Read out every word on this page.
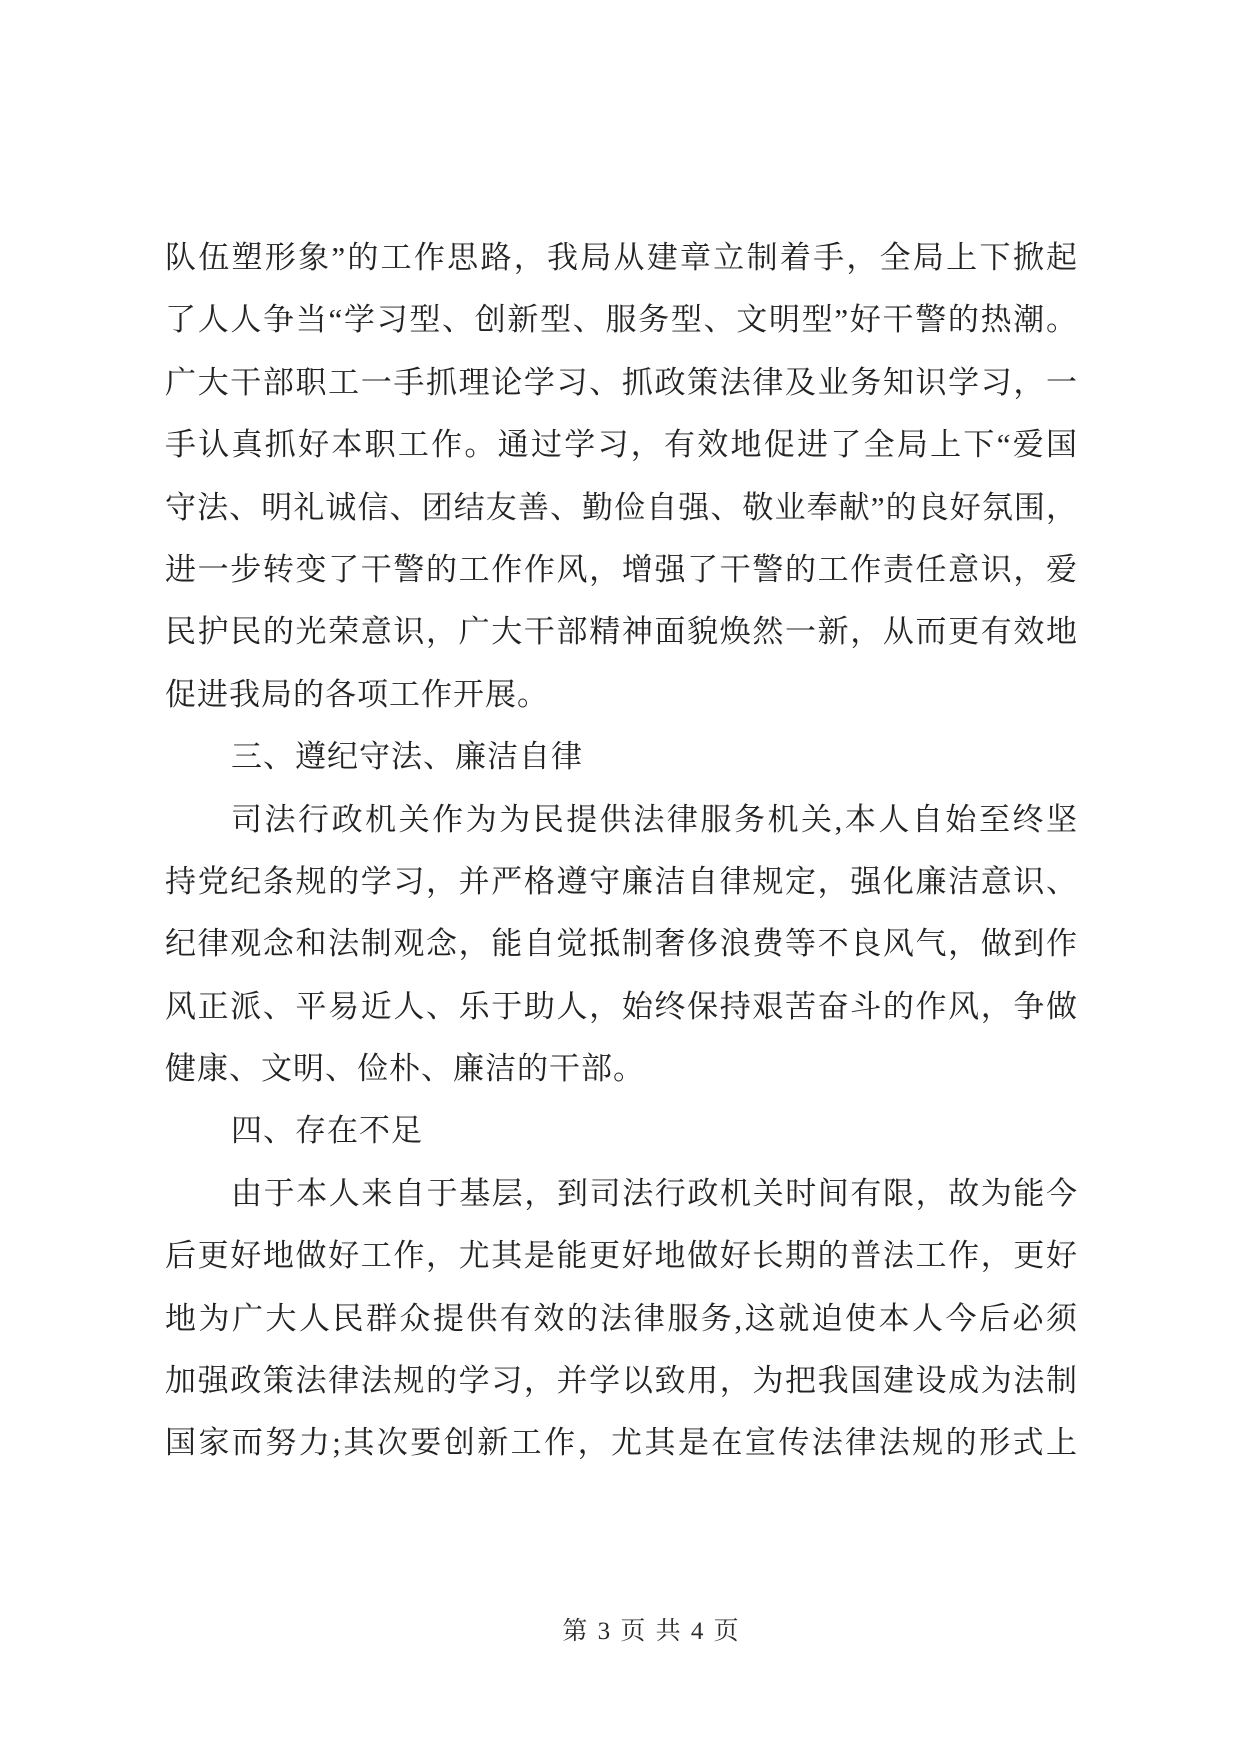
队伍塑形象”的工作思路，我局从建章立制着手，全局上下掀起
了人人争当“学习型、创新型、服务型、文明型”好干警的热潮。
广大干部职工一手抓理论学习、抓政策法律及业务知识学习，一
手认真抓好本职工作。通过学习，有效地促进了全局上下“爱国
守法、明礼诚信、团结友善、勤俭自强、敬业奉献”的良好氛围，
进一步转变了干警的工作作风，增强了干警的工作责任意识，爱
民护民的光荣意识，广大干部精神面貌焕然一新，从而更有效地
促进我局的各项工作开展。
三、遵纪守法、廉洁自律
司法行政机关作为为民提供法律服务机关,本人自始至终坚
持党纪条规的学习，并严格遵守廉洁自律规定，强化廉洁意识、
纪律观念和法制观念，能自觉抵制奢侈浪费等不良风气，做到作
风正派、平易近人、乐于助人，始终保持艰苦奋斗的作风，争做
健康、文明、俭朴、廉洁的干部。
四、存在不足
由于本人来自于基层，到司法行政机关时间有限，故为能今
后更好地做好工作，尤其是能更好地做好长期的普法工作，更好
地为广大人民群众提供有效的法律服务,这就迫使本人今后必须
加强政策法律法规的学习，并学以致用，为把我国建设成为法制
国家而努力;其次要创新工作，尤其是在宣传法律法规的形式上
第 3 页 共 4 页
